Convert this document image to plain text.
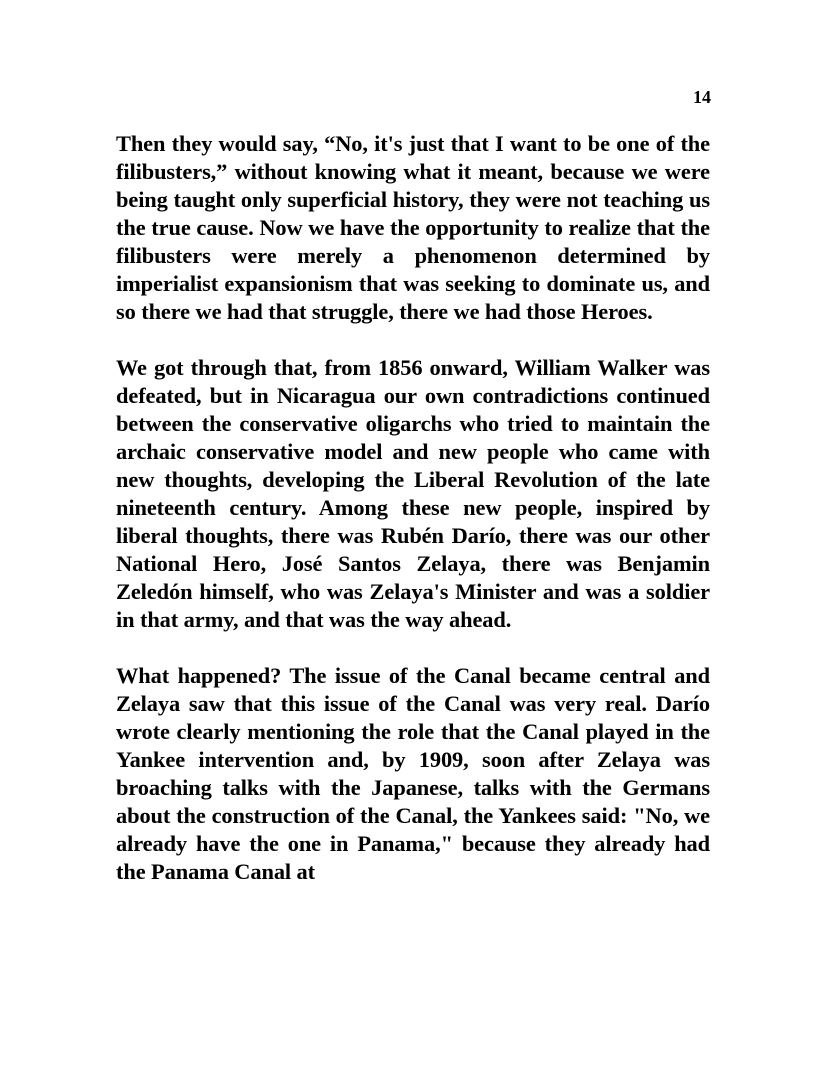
14

Then they would say, “No, it's just that I want to be one of the filibusters,” without knowing what it meant, because we were being taught only superficial history, they were not teaching us the true cause. Now we have the opportunity to realize that the filibusters were merely a phenomenon determined by imperialist expansionism that was seeking to dominate us, and so there we had that struggle, there we had those Heroes.

We got through that, from 1856 onward, William Walker was defeated, but in Nicaragua our own contradictions continued between the conservative oligarchs who tried to maintain the archaic conservative model and new people who came with new thoughts, developing the Liberal Revolution of the late nineteenth century. Among these new people, inspired by liberal thoughts, there was Rubén Darío, there was our other National Hero, José Santos Zelaya, there was Benjamin Zeledón himself, who was Zelaya's Minister and was a soldier in that army, and that was the way ahead.

What happened? The issue of the Canal became central and Zelaya saw that this issue of the Canal was very real. Darío wrote clearly mentioning the role that the Canal played in the Yankee intervention and, by 1909, soon after Zelaya was broaching talks with the Japanese, talks with the Germans about the construction of the Canal, the Yankees said: "No, we already have the one in Panama," because they already had the Panama Canal at
